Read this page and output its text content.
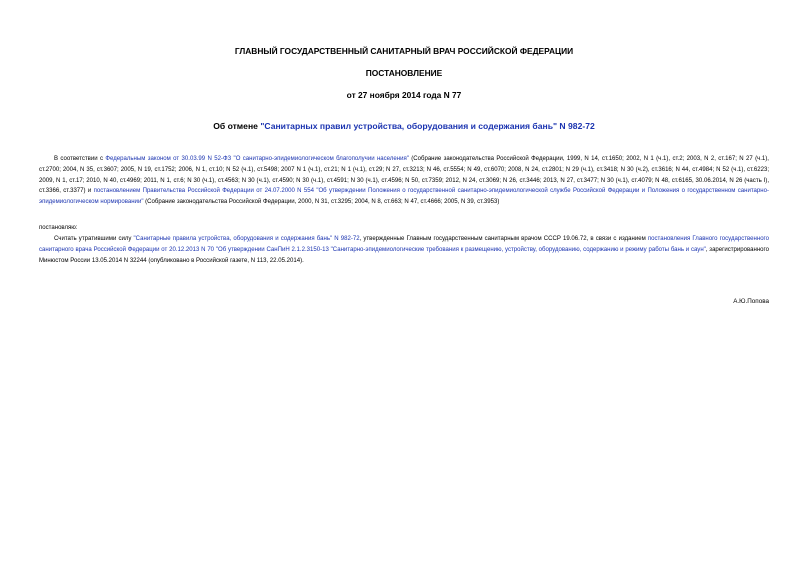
ГЛАВНЫЙ ГОСУДАРСТВЕННЫЙ САНИТАРНЫЙ ВРАЧ РОССИЙСКОЙ ФЕДЕРАЦИИ
ПОСТАНОВЛЕНИЕ
от 27 ноября 2014 года N 77
Об отмене "Санитарных правил устройства, оборудования и содержания бань" N 982-72
В соответствии с Федеральным законом от 30.03.99 N 52-ФЗ "О санитарно-эпидемиологическом благополучии населения" (Собрание законодательства Российской Федерации, 1999, N 14, ст.1650; 2002, N 1 (ч.1), ст.2; 2003, N 2, ст.167; N 27 (ч.1), ст.2700; 2004, N 35, ст.3607; 2005, N 19, ст.1752; 2006, N 1, ст.10; N 52 (ч.1), ст.5498; 2007 N 1 (ч.1), ст.21; N 1 (ч.1), ст.29; N 27, ст.3213; N 46, ст.5554; N 49, ст.6070; 2008, N 24, ст.2801; N 29 (ч.1), ст.3418; N 30 (ч.2), ст.3616; N 44, ст.4984; N 52 (ч.1), ст.6223; 2009, N 1, ст.17; 2010, N 40, ст.4969; 2011, N 1, ст.6; N 30 (ч.1), ст.4563; N 30 (ч.1), ст.4590; N 30 (ч.1), ст.4591; N 30 (ч.1), ст.4596; N 50, ст.7359; 2012, N 24, ст.3069; N 26, ст.3446; 2013, N 27, ст.3477; N 30 (ч.1), ст.4079; N 48, ст.6165, 30.06.2014, N 26 (часть I), ст.3366, ст.3377) и постановлением Правительства Российской Федерации от 24.07.2000 N 554 "Об утверждении Положения о государственной санитарно-эпидемиологической службе Российской Федерации и Положения о государственном санитарно-эпидемиологическом нормировании" (Собрание законодательства Российской Федерации, 2000, N 31, ст.3295; 2004, N 8, ст.663; N 47, ст.4666; 2005, N 39, ст.3953)
постановляю:
Считать утратившими силу "Санитарные правила устройства, оборудования и содержания бань" N 982-72, утвержденные Главным государственным санитарным врачом СССР 19.06.72, в связи с изданием постановления Главного государственного санитарного врача Российской Федерации от 20.12.2013 N 70 "Об утверждении СанПиН 2.1.2.3150-13 "Санитарно-эпидемиологические требования к размещению, устройству, оборудованию, содержанию и режиму работы бань и саун", зарегистрированного Минюстом России 13.05.2014 N 32244 (опубликовано в Российской газете, N 113, 22.05.2014).
А.Ю.Попова
